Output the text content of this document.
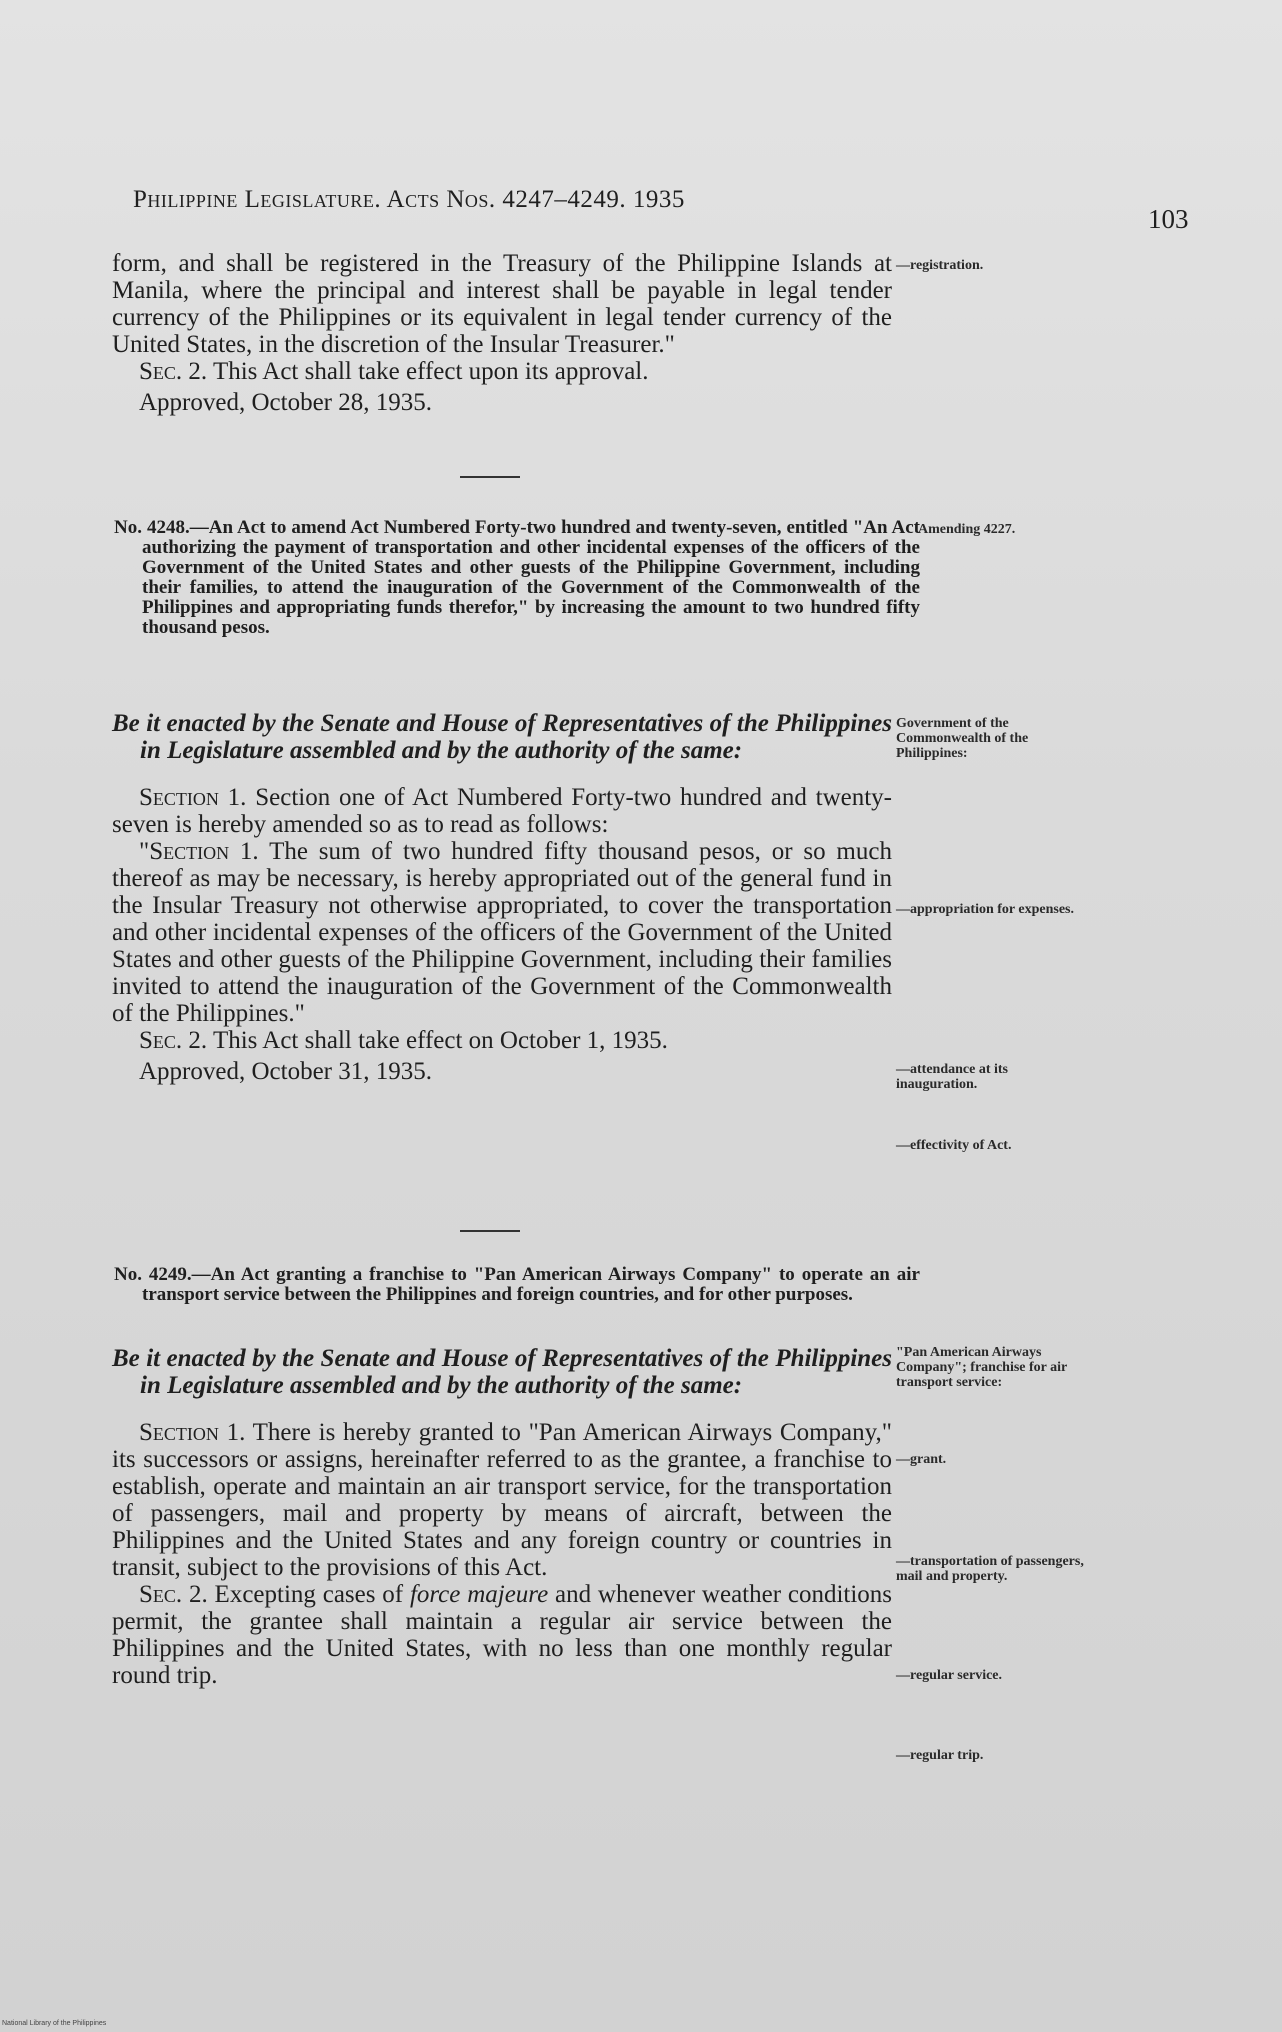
Philippine Legislature. Acts Nos. 4247–4249. 1935
103

form, and shall be registered in the Treasury of the Philippine Islands at Manila, where the principal and interest shall be payable in legal tender currency of the Philippines or its equivalent in legal tender currency of the United States, in the discretion of the Insular Treasurer."

Sec. 2. This Act shall take effect upon its approval.

Approved, October 28, 1935.

No. 4248.—An Act to amend Act Numbered Forty-two hundred and twenty-seven, entitled "An Act authorizing the payment of transportation and other incidental expenses of the officers of the Government of the United States and other guests of the Philippine Government, including their families, to attend the inauguration of the Government of the Commonwealth of the Philippines and appropriating funds therefor," by increasing the amount to two hundred fifty thousand pesos.

Be it enacted by the Senate and House of Representatives of the Philippines in Legislature assembled and by the authority of the same:

Section 1. Section one of Act Numbered Forty-two hundred and twenty-seven is hereby amended so as to read as follows:

"Section 1. The sum of two hundred fifty thousand pesos, or so much thereof as may be necessary, is hereby appropriated out of the general fund in the Insular Treasury not otherwise appropriated, to cover the transportation and other incidental expenses of the officers of the Government of the United States and other guests of the Philippine Government, including their families invited to attend the inauguration of the Government of the Commonwealth of the Philippines."

Sec. 2. This Act shall take effect on October 1, 1935.

Approved, October 31, 1935.

No. 4249.—An Act granting a franchise to "Pan American Airways Company" to operate an air transport service between the Philippines and foreign countries, and for other purposes.

Be it enacted by the Senate and House of Representatives of the Philippines in Legislature assembled and by the authority of the same:

Section 1. There is hereby granted to "Pan American Airways Company," its successors or assigns, hereinafter referred to as the grantee, a franchise to establish, operate and maintain an air transport service, for the transportation of passengers, mail and property by means of aircraft, between the Philippines and the United States and any foreign country or countries in transit, subject to the provisions of this Act.

Sec. 2. Excepting cases of force majeure and whenever weather conditions permit, the grantee shall maintain a regular air service between the Philippines and the United States, with no less than one monthly regular round trip.

—registration.
Amending 4227.
Government of the Commonwealth of the Philippines:
—appropriation for expenses.
—attendance at its inauguration.
—effectivity of Act.
"Pan American Airways Company"; franchise for air transport service:
—grant.
—transportation of passengers, mail and property.
—regular service.
—regular trip.
National Library of the Philippines
